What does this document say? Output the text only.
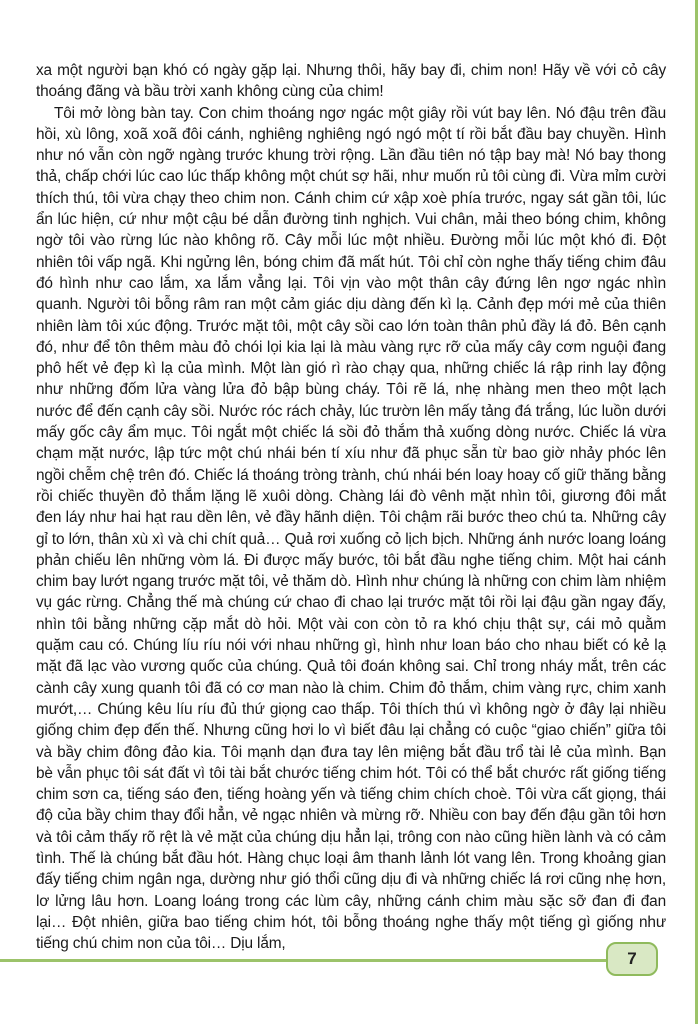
xa một người bạn khó có ngày gặp lại. Nhưng thôi, hãy bay đi, chim non! Hãy về với cỏ cây thoáng đãng và bầu trời xanh không cùng của chim!

Tôi mở lòng bàn tay. Con chim thoáng ngơ ngác một giây rồi vút bay lên. Nó đậu trên đầu hồi, xù lông, xoã xoã đôi cánh, nghiêng nghiêng ngó ngó một tí rồi bắt đầu bay chuyền. Hình như nó vẫn còn ngỡ ngàng trước khung trời rộng. Lần đầu tiên nó tập bay mà! Nó bay thong thả, chấp chới lúc cao lúc thấp không một chút sợ hãi, như muốn rủ tôi cùng đi. Vừa mỉm cười thích thú, tôi vừa chạy theo chim non. Cánh chim cứ xập xoè phía trước, ngay sát gần tôi, lúc ẩn lúc hiện, cứ như một cậu bé dẫn đường tinh nghịch. Vui chân, mải theo bóng chim, không ngờ tôi vào rừng lúc nào không rõ. Cây mỗi lúc một nhiều. Đường mỗi lúc một khó đi. Đột nhiên tôi vấp ngã. Khi ngửng lên, bóng chim đã mất hút. Tôi chỉ còn nghe thấy tiếng chim đâu đó hình như cao lắm, xa lắm vẳng lại. Tôi vịn vào một thân cây đứng lên ngơ ngác nhìn quanh. Người tôi bỗng râm ran một cảm giác dịu dàng đến kì lạ. Cảnh đẹp mới mẻ của thiên nhiên làm tôi xúc động. Trước mặt tôi, một cây sồi cao lớn toàn thân phủ đầy lá đỏ. Bên cạnh đó, như để tôn thêm màu đỏ chói lọi kia lại là màu vàng rực rỡ của mấy cây cơm nguội đang phô hết vẻ đẹp kì lạ của mình. Một làn gió rì rào chạy qua, những chiếc lá rập rinh lay động như những đốm lửa vàng lửa đỏ bập bùng cháy. Tôi rẽ lá, nhẹ nhàng men theo một lạch nước để đến cạnh cây sồi. Nước róc rách chảy, lúc trườn lên mấy tảng đá trắng, lúc luồn dưới mấy gốc cây ẩm mục. Tôi ngắt một chiếc lá sồi đỏ thắm thả xuống dòng nước. Chiếc lá vừa chạm mặt nước, lập tức một chú nhái bén tí xíu như đã phục sẵn từ bao giờ nhảy phóc lên ngồi chễm chệ trên đó. Chiếc lá thoáng tròng trành, chú nhái bén loay hoay cố giữ thăng bằng rồi chiếc thuyền đỏ thắm lặng lẽ xuôi dòng. Chàng lái đò vênh mặt nhìn tôi, giương đôi mắt đen láy như hai hạt rau dền lên, vẻ đầy hãnh diện. Tôi chậm rãi bước theo chú ta. Những cây gỉ to lớn, thân xù xì và chi chít quả… Quả rơi xuống cỏ lịch bịch. Những ánh nước loang loáng phản chiếu lên những vòm lá. Đi được mấy bước, tôi bắt đầu nghe tiếng chim. Một hai cánh chim bay lướt ngang trước mặt tôi, vẻ thăm dò. Hình như chúng là những con chim làm nhiệm vụ gác rừng. Chẳng thế mà chúng cứ chao đi chao lại trước mặt tôi rồi lại đậu gần ngay đấy, nhìn tôi bằng những cặp mắt dò hỏi. Một vài con còn tỏ ra khó chịu thật sự, cái mỏ quằm quặm cau có. Chúng líu ríu nói với nhau những gì, hình như loan báo cho nhau biết có kẻ lạ mặt đã lạc vào vương quốc của chúng. Quả tôi đoán không sai. Chỉ trong nháy mắt, trên các cành cây xung quanh tôi đã có cơ man nào là chim. Chim đỏ thắm, chim vàng rực, chim xanh mướt,… Chúng kêu líu ríu đủ thứ giọng cao thấp. Tôi thích thú vì không ngờ ở đây lại nhiều giống chim đẹp đến thế. Nhưng cũng hơi lo vì biết đâu lại chẳng có cuộc “giao chiến” giữa tôi và bầy chim đông đảo kia. Tôi mạnh dạn đưa tay lên miệng bắt đầu trổ tài lẻ của mình. Bạn bè vẫn phục tôi sát đất vì tôi tài bắt chước tiếng chim hót. Tôi có thể bắt chước rất giống tiếng chim sơn ca, tiếng sáo đen, tiếng hoàng yến và tiếng chim chích choè. Tôi vừa cất giọng, thái độ của bầy chim thay đổi hẳn, vẻ ngạc nhiên và mừng rỡ. Nhiều con bay đến đậu gần tôi hơn và tôi cảm thấy rõ rệt là vẻ mặt của chúng dịu hẳn lại, trông con nào cũng hiền lành và có cảm tình. Thế là chúng bắt đầu hót. Hàng chục loại âm thanh lảnh lót vang lên. Trong khoảng gian đấy tiếng chim ngân nga, dường như gió thổi cũng dịu đi và những chiếc lá rơi cũng nhẹ hơn, lơ lửng lâu hơn. Loang loáng trong các lùm cây, những cánh chim màu sặc sỡ đan đi đan lại… Đột nhiên, giữa bao tiếng chim hót, tôi bỗng thoáng nghe thấy một tiếng gì giống như tiếng chú chim non của tôi… Dịu lắm,

7
